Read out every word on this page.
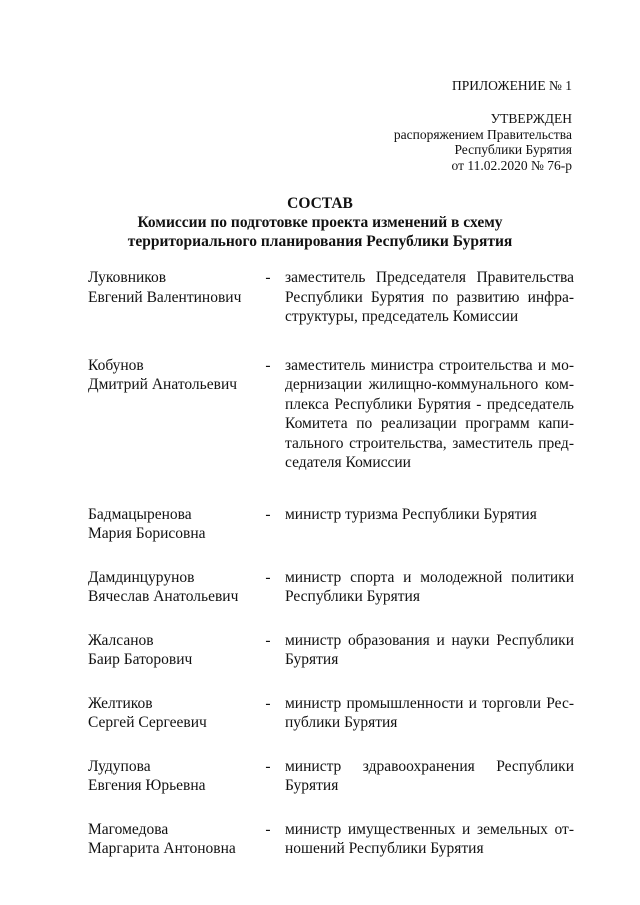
ПРИЛОЖЕНИЕ № 1
УТВЕРЖДЕН
распоряжением Правительства
Республики Бурятия
от 11.02.2020 № 76-р
СОСТАВ
Комиссии по подготовке проекта изменений в схему
территориального планирования Республики Бурятия
Луковников
Евгений Валентинович
- заместитель Председателя Правительства Республики Бурятия по развитию инфраструктуры, председатель Комиссии
Кобунов
Дмитрий Анатольевич
- заместитель министра строительства и модернизации жилищно-коммунального комплекса Республики Бурятия - председатель Комитета по реализации программ капитального строительства, заместитель председателя Комиссии
Бадмацыренова
Мария Борисовна
- министр туризма Республики Бурятия
Дамдинцурунов
Вячеслав Анатольевич
- министр спорта и молодежной политики Республики Бурятия
Жалсанов
Баир Баторович
- министр образования и науки Республики Бурятия
Желтиков
Сергей Сергеевич
- министр промышленности и торговли Республики Бурятия
Лудупова
Евгения Юрьевна
- министр здравоохранения Республики Бурятия
Магомедова
Маргарита Антоновна
- министр имущественных и земельных отношений Республики Бурятия
